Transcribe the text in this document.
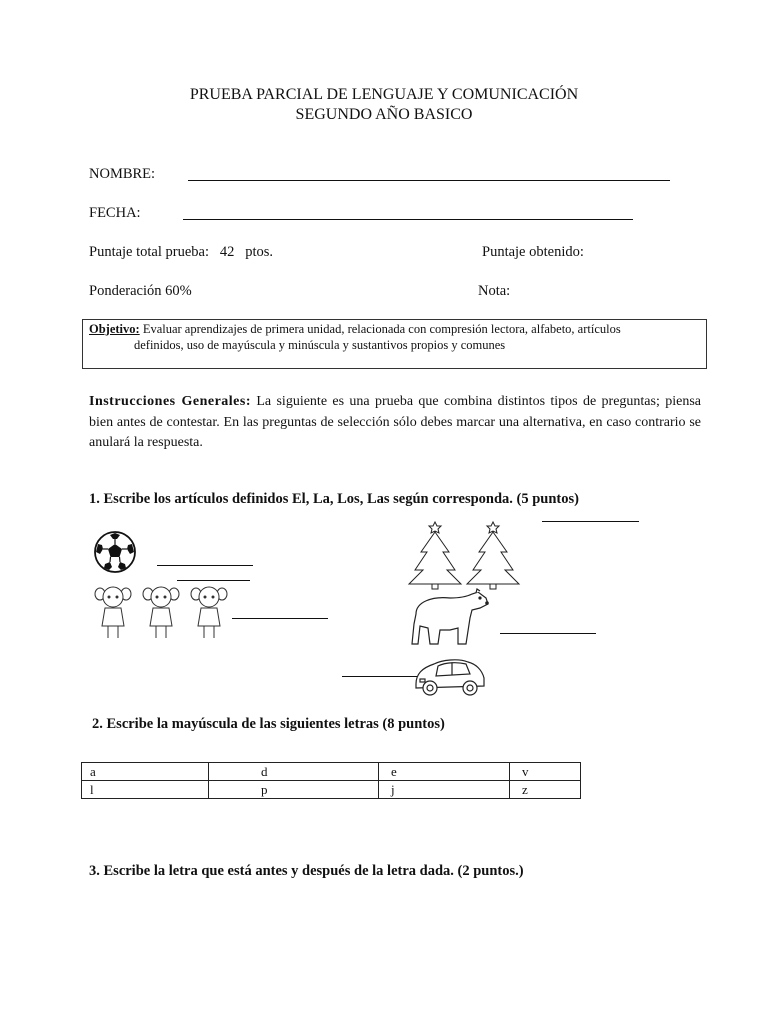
PRUEBA PARCIAL DE LENGUAJE Y COMUNICACIÓN
SEGUNDO AÑO BASICO
NOMBRE:
FECHA:
Puntaje total prueba:   42   ptos.	Puntaje obtenido:
Ponderación 60%	Nota:
Objetivo: Evaluar aprendizajes de primera unidad, relacionada con compresión lectora, alfabeto, artículos
definidos, uso de mayúscula y minúscula y sustantivos propios y comunes
Instrucciones Generales: La siguiente es una prueba que combina distintos tipos de preguntas; piensa bien antes de contestar. En las preguntas de selección sólo debes marcar una alternativa, en caso contrario se anulará la respuesta.
1. Escribe los artículos definidos El, La, Los, Las según corresponda. (5 puntos)
2. Escribe la mayúscula de las siguientes letras (8 puntos)
a	d	e	v
l	p	j	z
3. Escribe la letra que está antes y después de la letra dada. (2 puntos.)
